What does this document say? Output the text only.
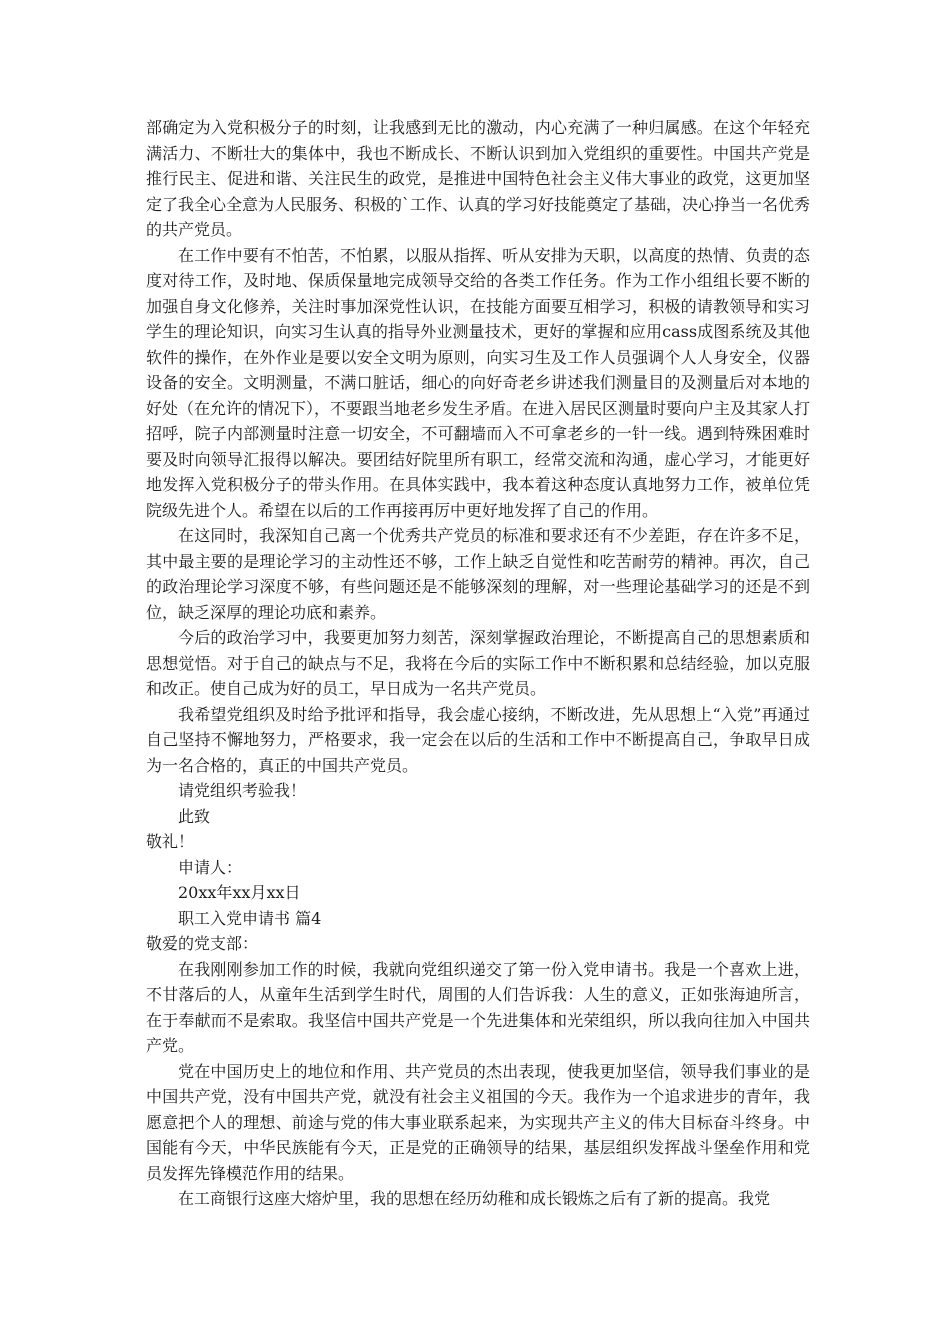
部确定为入党积极分子的时刻，让我感到无比的激动，内心充满了一种归属感。在这个年轻充满活力、不断壮大的集体中，我也不断成长、不断认识到加入党组织的重要性。中国共产党是推行民主、促进和谐、关注民生的政党，是推进中国特色社会主义伟大事业的政党，这更加坚定了我全心全意为人民服务、积极的`工作、认真的学习好技能奠定了基础，决心挣当一名优秀的共产党员。

在工作中要有不怕苦，不怕累，以服从指挥、听从安排为天职，以高度的热情、负责的态度对待工作，及时地、保质保量地完成领导交给的各类工作任务。作为工作小组组长要不断的加强自身文化修养，关注时事加深党性认识，在技能方面要互相学习，积极的请教领导和实习学生的理论知识，向实习生认真的指导外业测量技术，更好的掌握和应用cass成图系统及其他软件的操作，在外作业是要以安全文明为原则，向实习生及工作人员强调个人人身安全，仪器设备的安全。文明测量，不满口脏话，细心的向好奇老乡讲述我们测量目的及测量后对本地的好处（在允许的情况下），不要跟当地老乡发生矛盾。在进入居民区测量时要向户主及其家人打招呼，院子内部测量时注意一切安全，不可翻墙而入不可拿老乡的一针一线。遇到特殊困难时要及时向领导汇报得以解决。要团结好院里所有职工，经常交流和沟通，虚心学习，才能更好地发挥入党积极分子的带头作用。在具体实践中，我本着这种态度认真地努力工作，被单位凭院级先进个人。希望在以后的工作再接再厉中更好地发挥了自己的作用。

在这同时，我深知自己离一个优秀共产党员的标准和要求还有不少差距，存在许多不足，其中最主要的是理论学习的主动性还不够，工作上缺乏自觉性和吃苦耐劳的精神。再次，自己的政治理论学习深度不够，有些问题还是不能够深刻的理解，对一些理论基础学习的还是不到位，缺乏深厚的理论功底和素养。

今后的政治学习中，我要更加努力刻苦，深刻掌握政治理论，不断提高自己的思想素质和思想觉悟。对于自己的缺点与不足，我将在今后的实际工作中不断积累和总结经验，加以克服和改正。使自己成为好的员工，早日成为一名共产党员。

我希望党组织及时给予批评和指导，我会虚心接纳，不断改进，先从思想上“入党”再通过自己坚持不懈地努力，严格要求，我一定会在以后的生活和工作中不断提高自己，争取早日成为一名合格的，真正的中国共产党员。

请党组织考验我！

此致

敬礼！

申请人：

20xx年xx月xx日

职工入党申请书 篇4

敬爱的党支部：

在我刚刚参加工作的时候，我就向党组织递交了第一份入党申请书。我是一个喜欢上进，不甘落后的人，从童年生活到学生时代，周围的人们告诉我：人生的意义，正如张海迪所言，在于奉献而不是索取。我坚信中国共产党是一个先进集体和光荣组织，所以我向往加入中国共产党。

党在中国历史上的地位和作用、共产党员的杰出表现，使我更加坚信，领导我们事业的是中国共产党，没有中国共产党，就没有社会主义祖国的今天。我作为一个追求进步的青年，我愿意把个人的理想、前途与党的伟大事业联系起来，为实现共产主义的伟大目标奋斗终身。中国能有今天，中华民族能有今天，正是党的正确领导的结果，基层组织发挥战斗堡垒作用和党员发挥先锋模范作用的结果。

在工商银行这座大熔炉里，我的思想在经历幼稚和成长锻炼之后有了新的提高。我党
